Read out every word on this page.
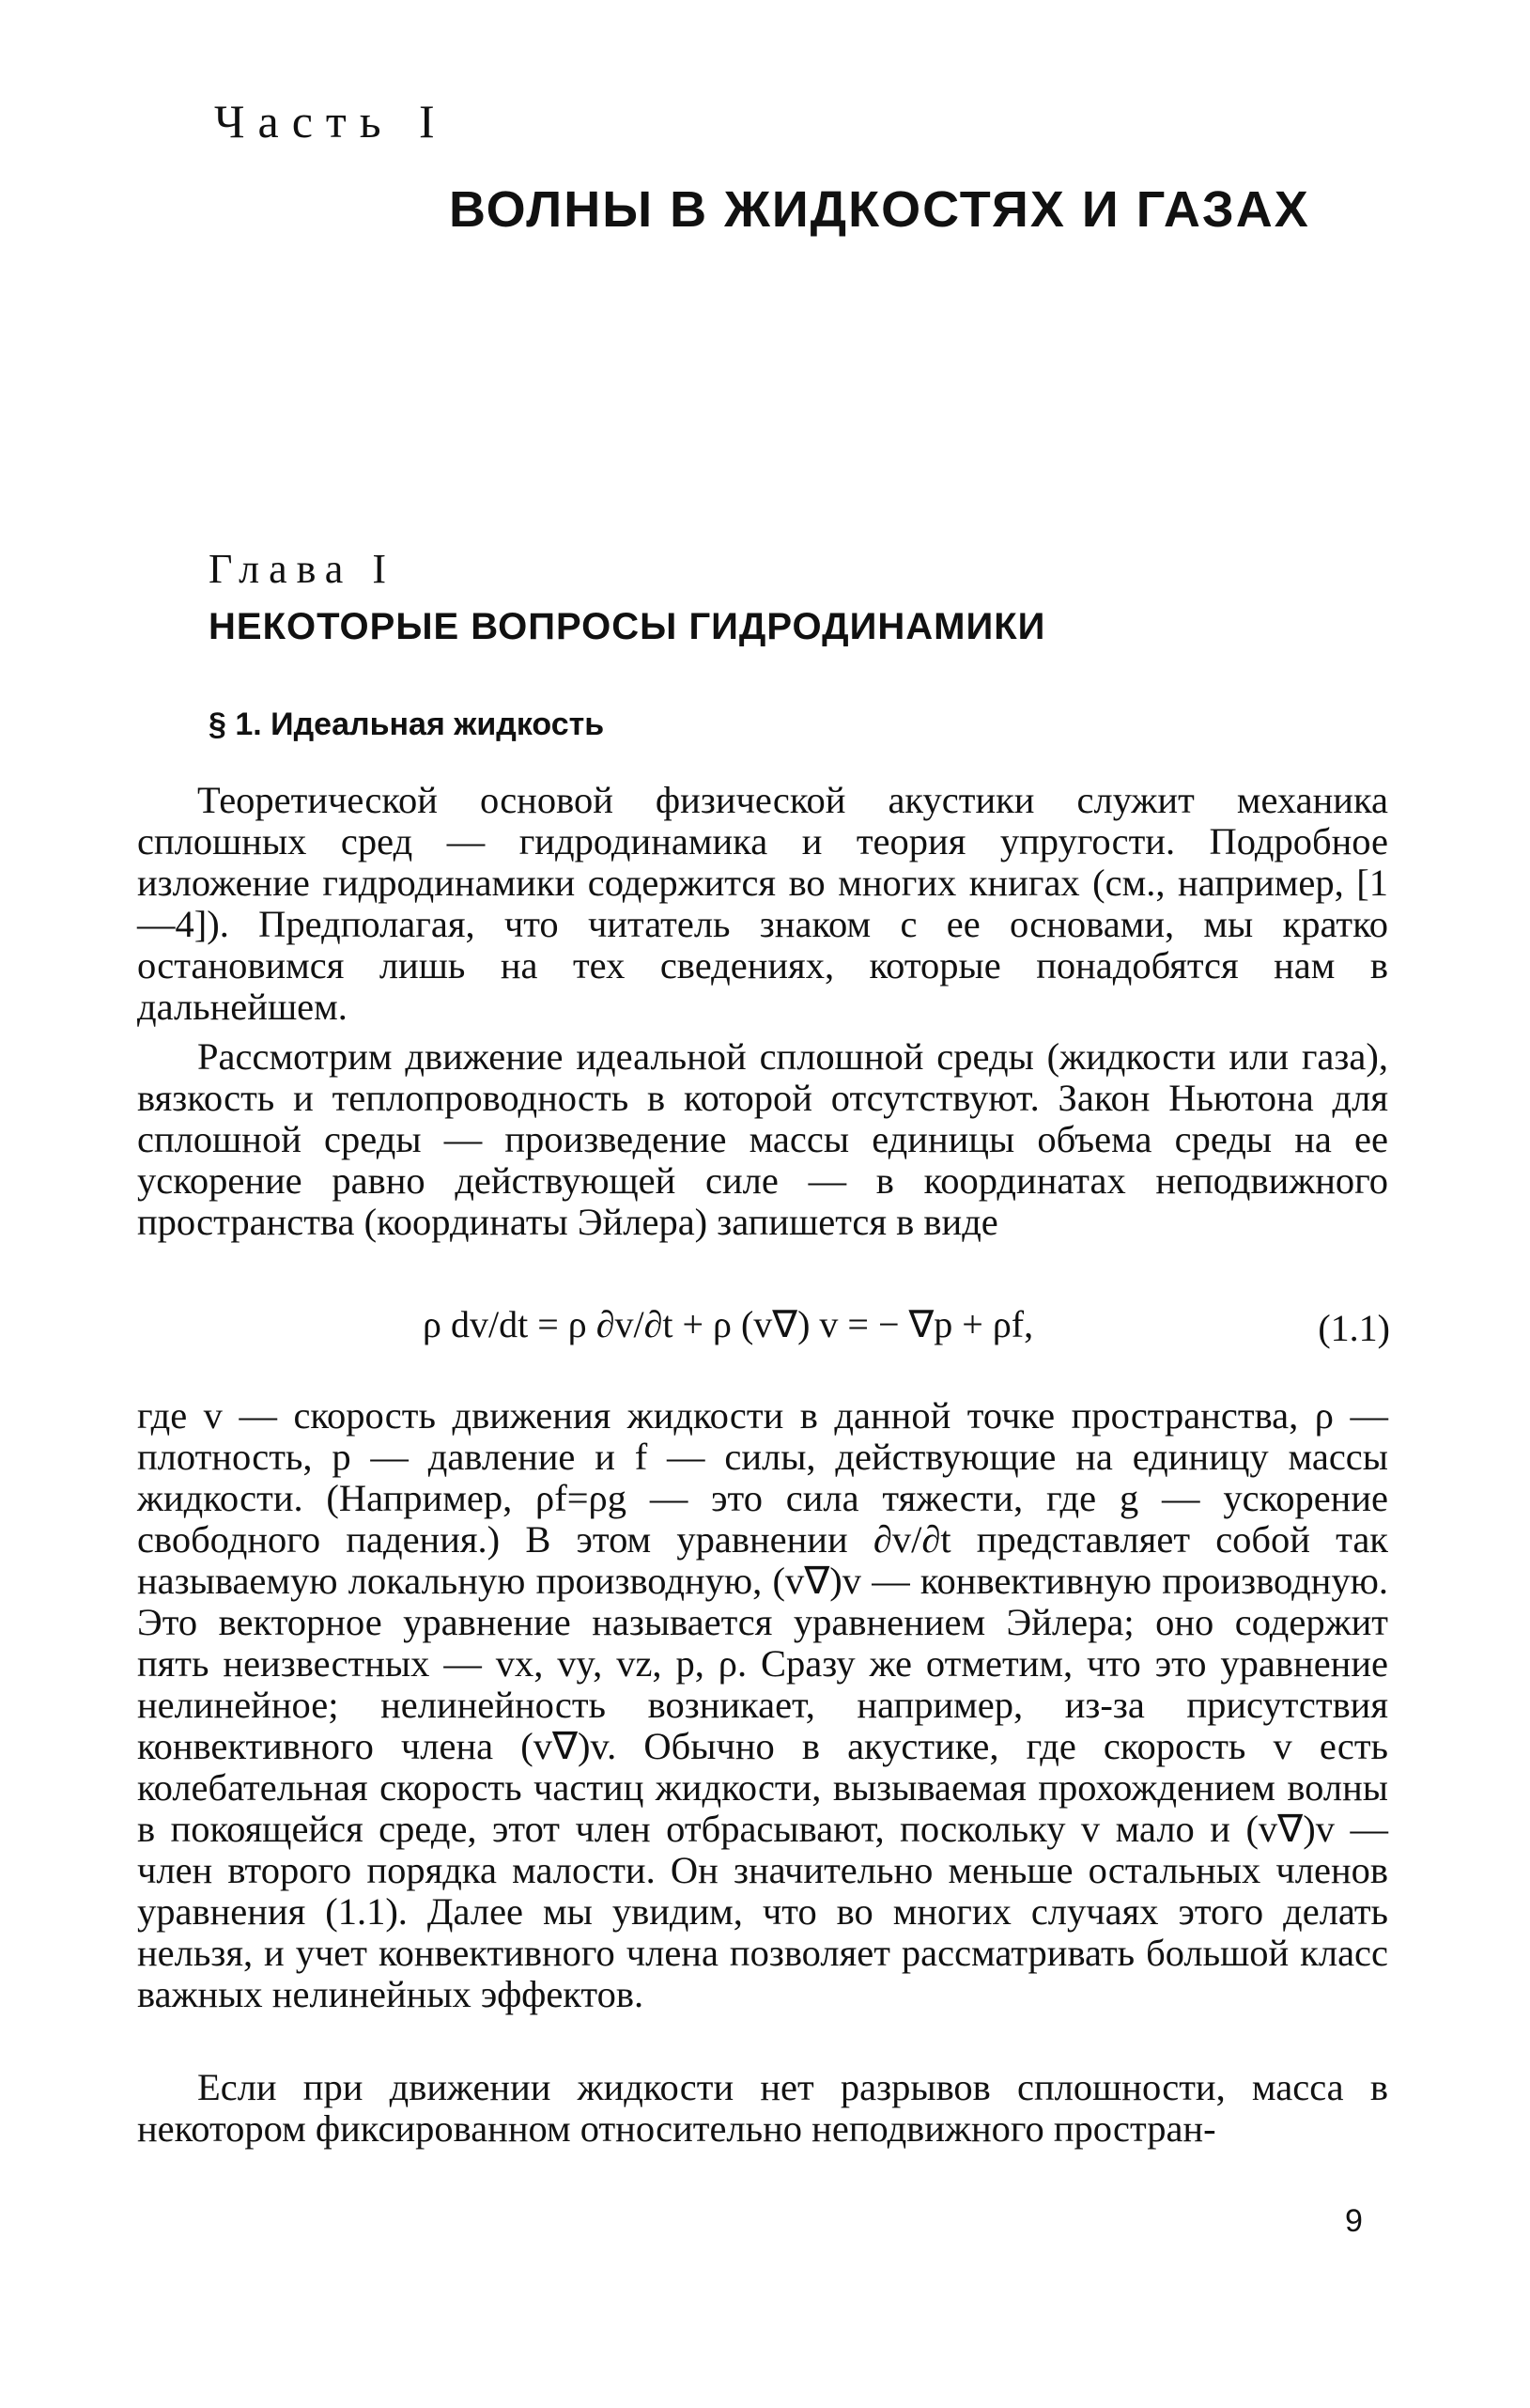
Часть I
ВОЛНЫ В ЖИДКОСТЯХ И ГАЗАХ
Глава I
НЕКОТОРЫЕ ВОПРОСЫ ГИДРОДИНАМИКИ
§ 1. Идеальная жидкость

Теоретической основой физической акустики служит механика сплошных сред — гидродинамика и теория упругости. Подробное изложение гидродинамики содержится во многих книгах (см., например, [1—4]). Предполагая, что читатель знаком с ее основами, мы кратко остановимся лишь на тех сведениях, которые понадобятся нам в дальнейшем.

Рассмотрим движение идеальной сплошной среды (жидкости или газа), вязкость и теплопроводность в которой отсутствуют. Закон Ньютона для сплошной среды — произведение массы единицы объема среды на ее ускорение равно действующей силе — в координатах неподвижного пространства (координаты Эйлера) запишется в виде

ρ dv/dt = ρ ∂v/∂t + ρ (v∇) v = − ∇p + ρf,	(1.1)

где v — скорость движения жидкости в данной точке пространства, ρ — плотность, p — давление и f — силы, действующие на единицу массы жидкости. (Например, ρf=ρg — это сила тяжести, где g — ускорение свободного падения.) В этом уравнении ∂v/∂t представляет собой так называемую локальную производную, (v∇)v — конвективную производную. Это векторное уравнение называется уравнением Эйлера; оно содержит пять неизвестных — vx, vy, vz, p, ρ. Сразу же отметим, что это уравнение нелинейное; нелинейность возникает, например, из-за присутствия конвективного члена (v∇)v. Обычно в акустике, где скорость v есть колебательная скорость частиц жидкости, вызываемая прохождением волны в покоящейся среде, этот член отбрасывают, поскольку v мало и (v∇)v — член второго порядка малости. Он значительно меньше остальных членов уравнения (1.1). Далее мы увидим, что во многих случаях этого делать нельзя, и учет конвективного члена позволяет рассматривать большой класс важных нелинейных эффектов.

Если при движении жидкости нет разрывов сплошности, масса в некотором фиксированном относительно неподвижного простран-

9
